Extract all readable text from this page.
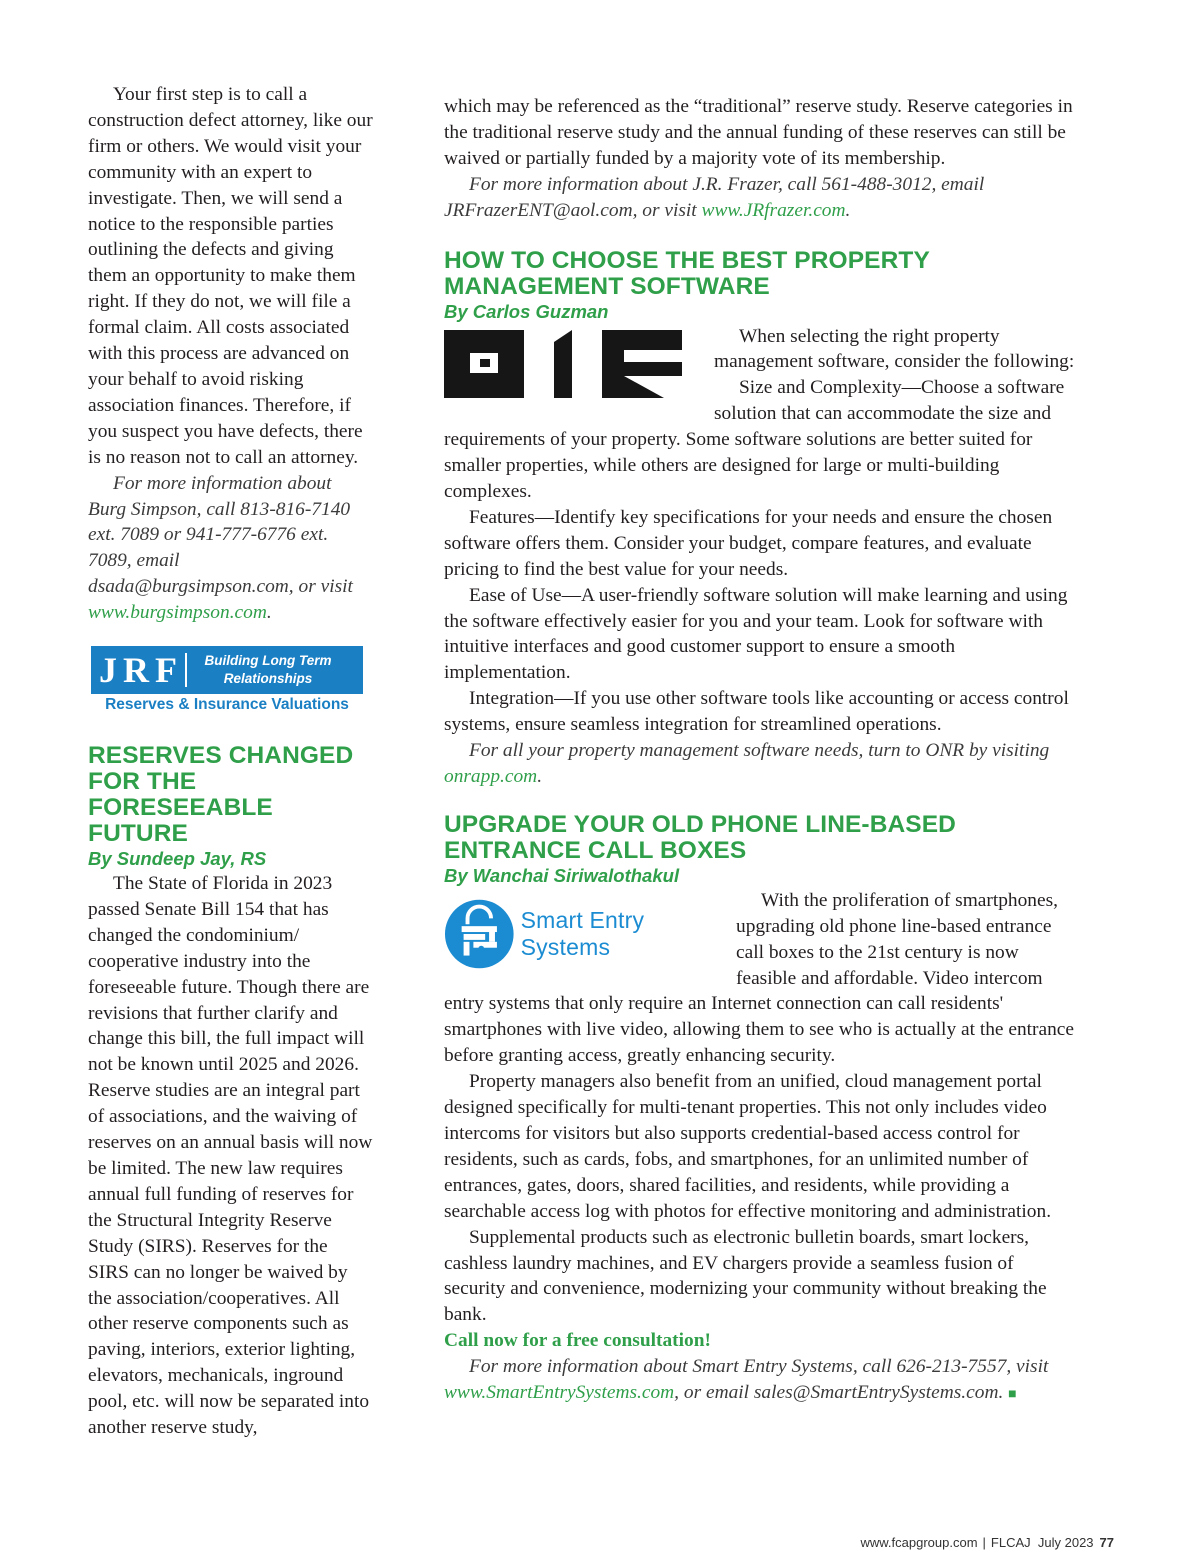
Your first step is to call a construction defect attorney, like our firm or others. We would visit your community with an expert to investigate. Then, we will send a notice to the responsible parties outlining the defects and giving them an opportunity to make them right. If they do not, we will file a formal claim. All costs associated with this process are advanced on your behalf to avoid risking association finances. Therefore, if you suspect you have defects, there is no reason not to call an attorney.

For more information about Burg Simpson, call 813-816-7140 ext. 7089 or 941-777-6776 ext. 7089, email dsada@burgsimpson.com, or visit www.burgsimpson.com.

JRF	Building Long Term Relationships
Reserves & Insurance Valuations
RESERVES CHANGED FOR THE FORESEEABLE FUTURE

By Sundeep Jay, RS

The State of Florida in 2023 passed Senate Bill 154 that has changed the condominium/ cooperative industry into the foreseeable future. Though there are revisions that further clarify and change this bill, the full impact will not be known until 2025 and 2026. Reserve studies are an integral part of associations, and the waiving of reserves on an annual basis will now be limited. The new law requires annual full funding of reserves for the Structural Integrity Reserve Study (SIRS). Reserves for the SIRS can no longer be waived by the association/cooperatives. All other reserve components such as paving, interiors, exterior lighting, elevators, mechanicals, inground pool, etc. will now be separated into another reserve study,

which may be referenced as the “traditional” reserve study. Reserve categories in the traditional reserve study and the annual funding of these reserves can still be waived or partially funded by a majority vote of its membership.

For more information about J.R. Frazer, call 561-488-3012, email JRFrazerENT@aol.com, or visit www.JRfrazer.com.

HOW TO CHOOSE THE BEST PROPERTY MANAGEMENT SOFTWARE

By Carlos Guzman

When selecting the right property management software, consider the following:

Size and Complexity—Choose a software solution that can accommodate the size and requirements of your property. Some software solutions are better suited for smaller properties, while others are designed for large or multi-building complexes.

Features—Identify key specifications for your needs and ensure the chosen software offers them. Consider your budget, compare features, and evaluate pricing to find the best value for your needs.

Ease of Use—A user-friendly software solution will make learning and using the software effectively easier for you and your team. Look for software with intuitive interfaces and good customer support to ensure a smooth implementation.

Integration—If you use other software tools like accounting or access control systems, ensure seamless integration for streamlined operations.

For all your property management software needs, turn to ONR by visiting onrapp.com.

UPGRADE YOUR OLD PHONE LINE-BASED ENTRANCE CALL BOXES

By Wanchai Siriwalothakul

Smart Entry Systems

With the proliferation of smartphones, upgrading old phone line-based entrance call boxes to the 21st century is now feasible and affordable. Video intercom entry systems that only require an Internet connection can call residents' smartphones with live video, allowing them to see who is actually at the entrance before granting access, greatly enhancing security.

Property managers also benefit from an unified, cloud management portal designed specifically for multi-tenant properties. This not only includes video intercoms for visitors but also supports credential-based access control for residents, such as cards, fobs, and smartphones, for an unlimited number of entrances, gates, doors, shared facilities, and residents, while providing a searchable access log with photos for effective monitoring and administration.

Supplemental products such as electronic bulletin boards, smart lockers, cashless laundry machines, and EV chargers provide a seamless fusion of security and convenience, modernizing your community without breaking the bank.

Call now for a free consultation!

For more information about Smart Entry Systems, call 626-213-7557, visit www.SmartEntrySystems.com, or email sales@SmartEntrySystems.com. ■

www.fcapgroup.com | FLCAJ  July 2023 77
